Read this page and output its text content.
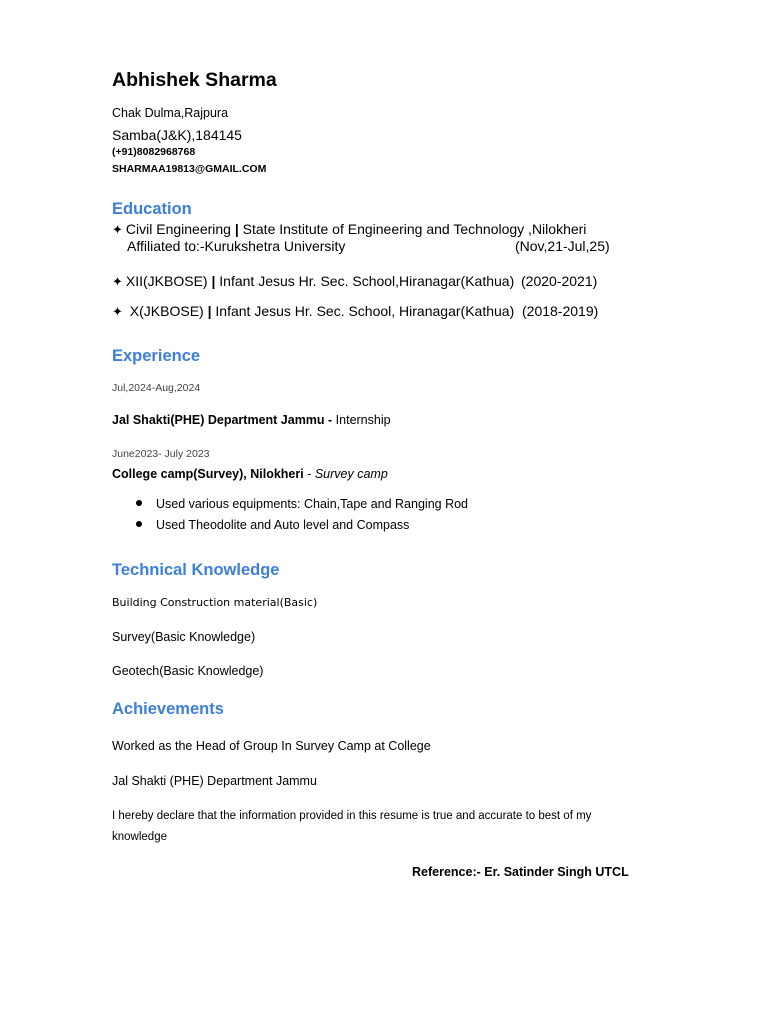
Abhishek Sharma
Chak Dulma,Rajpura
Samba(J&K),184145
(+91)8082968768
SHARMAA19813@GMAIL.COM
Education
✦ Civil Engineering | State Institute of Engineering and Technology ,Nilokheri
Affiliated to:-Kurukshetra University	(Nov,21-Jul,25)
✦ XII(JKBOSE) | Infant Jesus Hr. Sec. School,Hiranagar(Kathua) (2020-2021)
✦ X(JKBOSE) | Infant Jesus Hr. Sec. School, Hiranagar(Kathua) (2018-2019)
Experience
Jul,2024-Aug,2024
Jal Shakti(PHE) Department Jammu - Internship
June2023- July 2023
College camp(Survey), Nilokheri - Survey camp
Used various equipments: Chain,Tape and Ranging Rod
Used Theodolite and Auto level and Compass
Technical Knowledge
Building Construction material(Basic)
Survey(Basic Knowledge)
Geotech(Basic Knowledge)
Achievements
Worked as the Head of Group In Survey Camp at College
Jal Shakti (PHE) Department Jammu
I hereby declare that the information provided in this resume is true and accurate to best of my
knowledge
Reference:- Er. Satinder Singh UTCL
